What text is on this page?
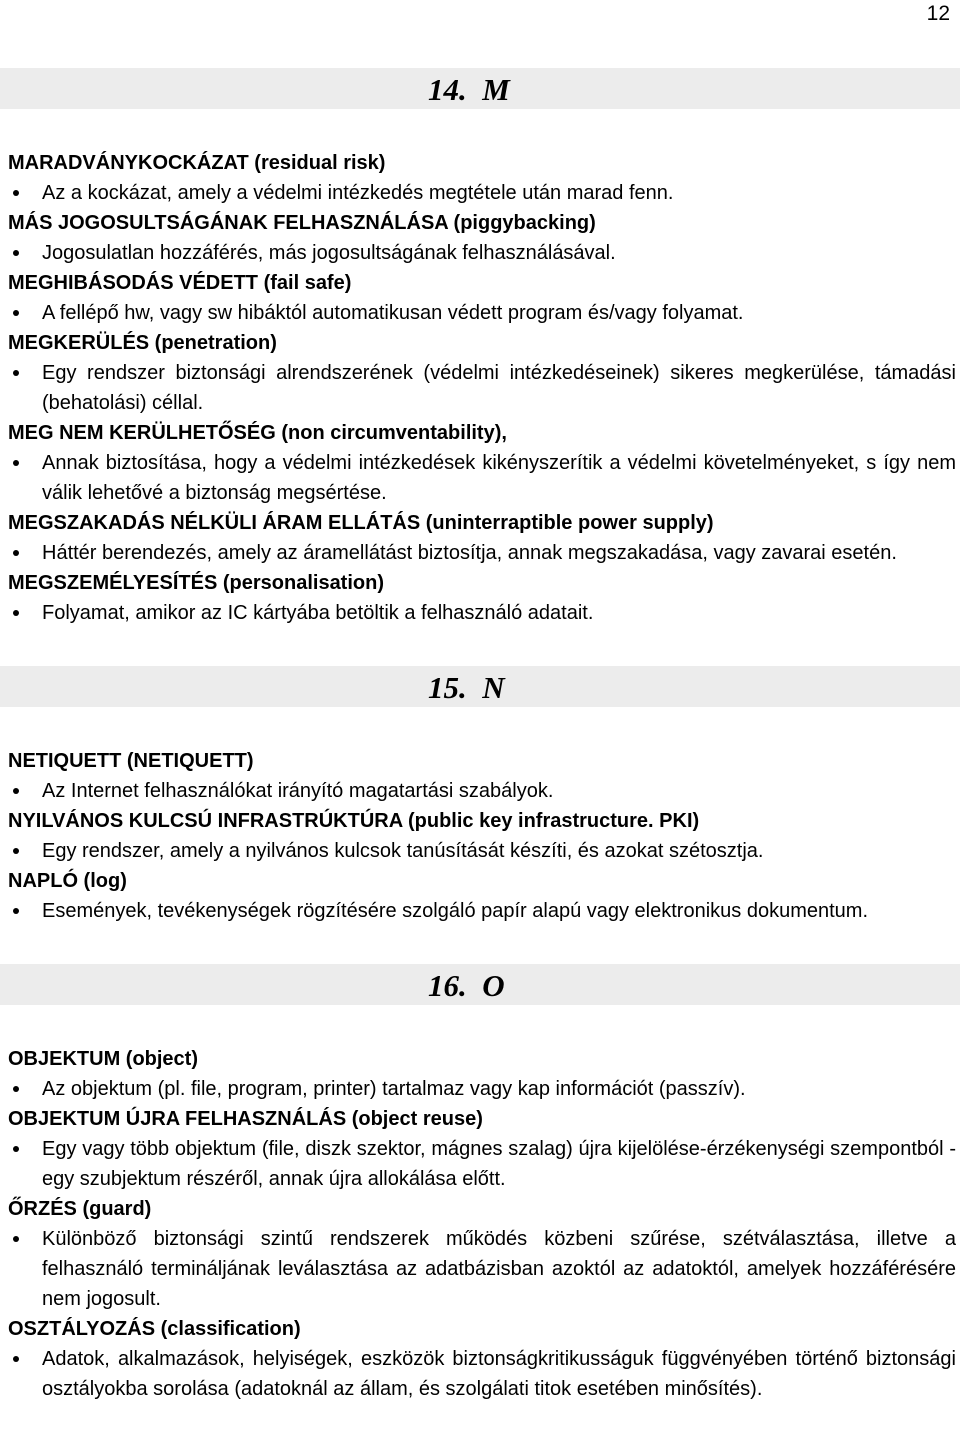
12
14.  M
MARADVÁNYKOCKÁZAT (residual risk)
Az a kockázat, amely a védelmi intézkedés megtétele után marad fenn.
MÁS JOGOSULTSÁGÁNAK FELHASZNÁLÁSA (piggybacking)
Jogosulatlan hozzáférés, más jogosultságának felhasználásával.
MEGHIBÁSODÁS VÉDETT (fail safe)
A fellépő hw, vagy sw hibáktól automatikusan védett program és/vagy folyamat.
MEGKERÜLÉS (penetration)
Egy rendszer biztonsági alrendszerének (védelmi intézkedéseinek) sikeres megkerülése, támadási (behatolási) céllal.
MEG NEM KERÜLHETŐSÉG (non circumventability),
Annak biztosítása, hogy a védelmi intézkedések kikényszerítik a védelmi követelményeket, s így nem válik lehetővé a biztonság megsértése.
MEGSZAKADÁS NÉLKÜLI ÁRAM ELLÁTÁS (uninterraptible power supply)
Háttér berendezés, amely az áramellátást biztosítja, annak megszakadása, vagy zavarai esetén.
MEGSZEMÉLYESÍTÉS (personalisation)
Folyamat, amikor az IC kártyába betöltik a felhasználó adatait.
15.  N
NETIQUETT (NETIQUETT)
Az Internet felhasználókat irányító magatartási szabályok.
NYILVÁNOS KULCSÚ INFRASTRÚKTÚRA (public key infrastructure. PKI)
Egy rendszer, amely a nyilvános kulcsok tanúsítását készíti, és azokat szétosztja.
NAPLÓ (log)
Események, tevékenységek rögzítésére szolgáló papír alapú vagy elektronikus dokumentum.
16.  O
OBJEKTUM (object)
Az objektum (pl. file, program, printer) tartalmaz vagy kap információt (passzív).
OBJEKTUM ÚJRA FELHASZNÁLÁS (object reuse)
Egy vagy több objektum (file, diszk szektor, mágnes szalag) újra kijelölése-érzékenységi szempontból - egy szubjektum részéről, annak újra allokálása előtt.
ŐRZÉS (guard)
Különböző biztonsági szintű rendszerek működés közbeni szűrése, szétválasztása, illetve a felhasználó termináljának leválasztása az adatbázisban azoktól az adatoktól, amelyek hozzáférésére nem jogosult.
OSZTÁLYOZÁS (classification)
Adatok, alkalmazások, helyiségek, eszközök biztonságkritikusságuk függvényében történő biztonsági osztályokba sorolása (adatoknál az állam, és szolgálati titok esetében minősítés).
